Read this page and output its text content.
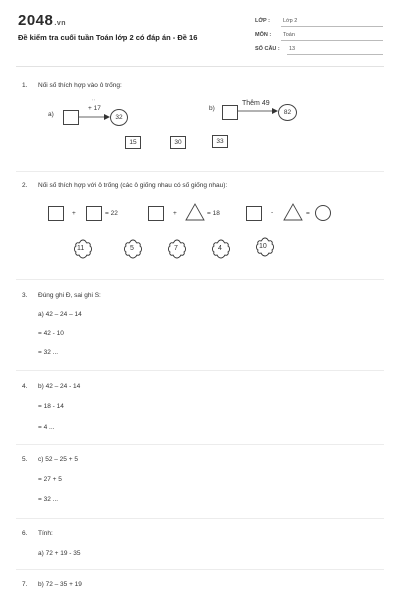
2048.vn
Đề kiểm tra cuối tuần Toán lớp 2 có đáp án - Đề 16
LỚP : Lớp 2
MÔN : Toán
SỐ CÂU : 13
1. Nối số thích hợp vào ô trống:
a)
' '
+ 17
32
b)
Thêm 49
82
15	30	33
2. Nối số thích hợp với ô trống (các ô giống nhau có số giống nhau):
+	= 22	+	= 18	-	=
11	5	7	4	10
3. Đúng ghi Đ, sai ghi S:
a) 42 – 24 – 14
= 42 - 10
= 32 ...
4. b) 42 – 24 - 14
= 18 - 14
= 4 ...
5. c) 52 – 25 + 5
= 27 + 5
= 32 ...
6. Tính:
a) 72 + 19 - 35
7. b) 72 – 35 + 19
